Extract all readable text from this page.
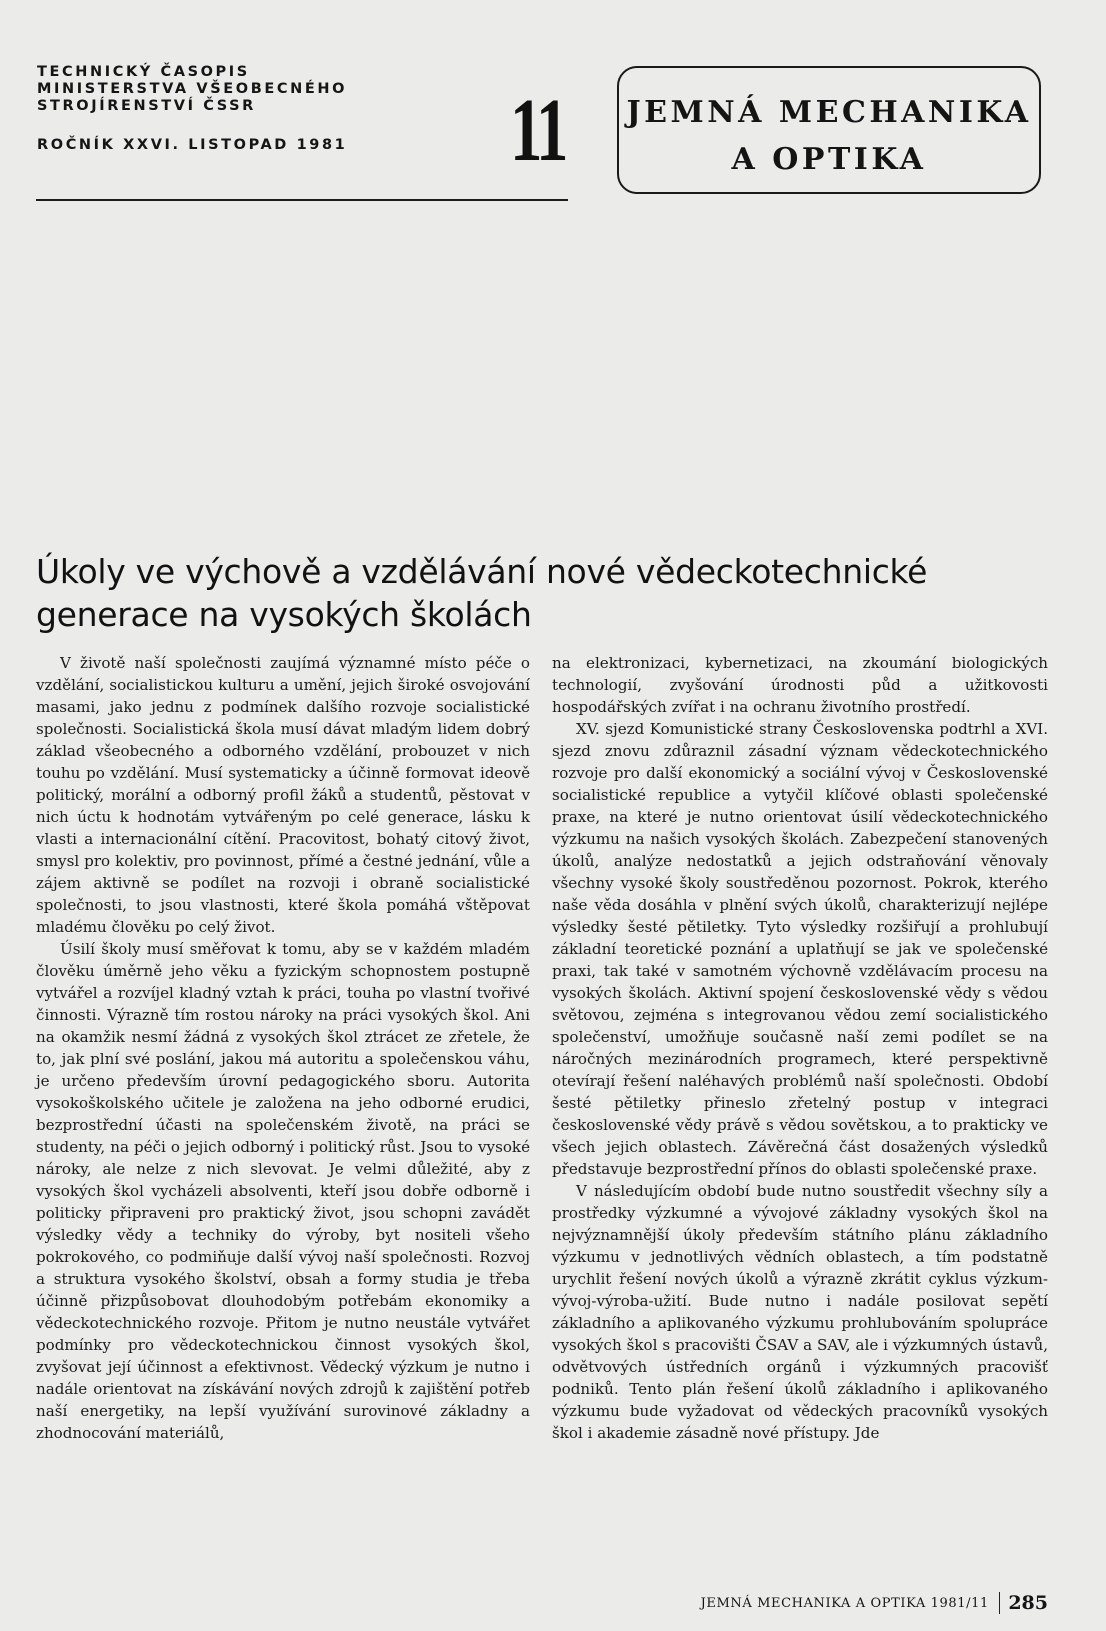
TECHNICKÝ ČASOPIS
MINISTERSTVA VŠEOBECNÉHO
STROJÍRENSTVÍ ČSSR
ROČNÍK XXVI. LISTOPAD 1981	11 JEMNÁ MECHANIKA
A OPTIKA
Úkoly ve výchově a vzdělávání nové vědeckotechnické generace na vysokých školách

V životě naší společnosti zaujímá významné místo péče o vzdělání, socialistickou kulturu a umění, jejich široké osvojování masami, jako jednu z podmínek dalšího rozvoje socialistické společnosti. Socialistická škola musí dávat mladým lidem dobrý základ všeobecného a odborného vzdělání, probouzet v nich touhu po vzdělání. Musí systematicky a účinně formovat ideově politický, morální a odborný profil žáků a studentů, pěstovat v nich úctu k hodnotám vytvářeným po celé generace, lásku k vlasti a internacionální cítění. Pracovitost, bohatý citový život, smysl pro kolektiv, pro povinnost, přímé a čestné jednání, vůle a zájem aktivně se podílet na rozvoji i obraně socialistické společnosti, to jsou vlastnosti, které škola pomáhá vštěpovat mladému člověku po celý život.

Úsilí školy musí směřovat k tomu, aby se v každém mladém člověku úměrně jeho věku a fyzickým schopnostem postupně vytvářel a rozvíjel kladný vztah k práci, touha po vlastní tvořivé činnosti. Výrazně tím rostou nároky na práci vysokých škol. Ani na okamžik nesmí žádná z vysokých škol ztrácet ze zřetele, že to, jak plní své poslání, jakou má autoritu a společenskou váhu, je určeno především úrovní pedagogického sboru. Autorita vysokoškolského učitele je založena na jeho odborné erudici, bezprostřední účasti na společenském životě, na práci se studenty, na péči o jejich odborný i politický růst. Jsou to vysoké nároky, ale nelze z nich slevovat. Je velmi důležité, aby z vysokých škol vycházeli absolventi, kteří jsou dobře odborně i politicky připraveni pro praktický život, jsou schopni zavádět výsledky vědy a techniky do výroby, byt nositeli všeho pokrokového, co podmiňuje další vývoj naší společnosti. Rozvoj a struktura vysokého školství, obsah a formy studia je třeba účinně přizpůsobovat dlouhodobým potřebám ekonomiky a vědeckotechnického rozvoje. Přitom je nutno neustále vytvářet podmínky pro vědeckotechnickou činnost vysokých škol, zvyšovat její účinnost a efektivnost. Vědecký výzkum je nutno i nadále orientovat na získávání nových zdrojů k zajištění potřeb naší energetiky, na lepší využívání surovinové základny a zhodnocování materiálů,

na elektronizaci, kybernetizaci, na zkoumání biologických technologií, zvyšování úrodnosti půd a užitkovosti hospodářských zvířat i na ochranu životního prostředí.

XV. sjezd Komunistické strany Československa podtrhl a XVI. sjezd znovu zdůraznil zásadní význam vědeckotechnického rozvoje pro další ekonomický a sociální vývoj v Československé socialistické republice a vytyčil klíčové oblasti společenské praxe, na které je nutno orientovat úsilí vědeckotechnického výzkumu na našich vysokých školách. Zabezpečení stanovených úkolů, analýze nedostatků a jejich odstraňování věnovaly všechny vysoké školy soustředěnou pozornost. Pokrok, kterého naše věda dosáhla v plnění svých úkolů, charakterizují nejlépe výsledky šesté pětiletky. Tyto výsledky rozšiřují a prohlubují základní teoretické poznání a uplatňují se jak ve společenské praxi, tak také v samotném výchovně vzdělávacím procesu na vysokých školách. Aktivní spojení československé vědy s vědou světovou, zejména s integrovanou vědou zemí socialistického společenství, umožňuje současně naší zemi podílet se na náročných mezinárodních programech, které perspektivně otevírají řešení naléhavých problémů naší společnosti. Období šesté pětiletky přineslo zřetelný postup v integraci československé vědy právě s vědou sovětskou, a to prakticky ve všech jejich oblastech. Závěrečná část dosažených výsledků představuje bezprostřední přínos do oblasti společenské praxe.

V následujícím období bude nutno soustředit všechny síly a prostředky výzkumné a vývojové základny vysokých škol na nejvýznamnější úkoly především státního plánu základního výzkumu v jednotlivých vědních oblastech, a tím podstatně urychlit řešení nových úkolů a výrazně zkrátit cyklus výzkum-vývoj-výroba-užití. Bude nutno i nadále posilovat sepětí základního a aplikovaného výzkumu prohlubováním spolupráce vysokých škol s pracovišti ČSAV a SAV, ale i výzkumných ústavů, odvětvových ústředních orgánů i výzkumných pracovišť podniků. Tento plán řešení úkolů základního i aplikovaného výzkumu bude vyžadovat od vědeckých pracovníků vysokých škol i akademie zásadně nové přístupy. Jde

JEMNÁ MECHANIKA A OPTIKA 1981/11 285
